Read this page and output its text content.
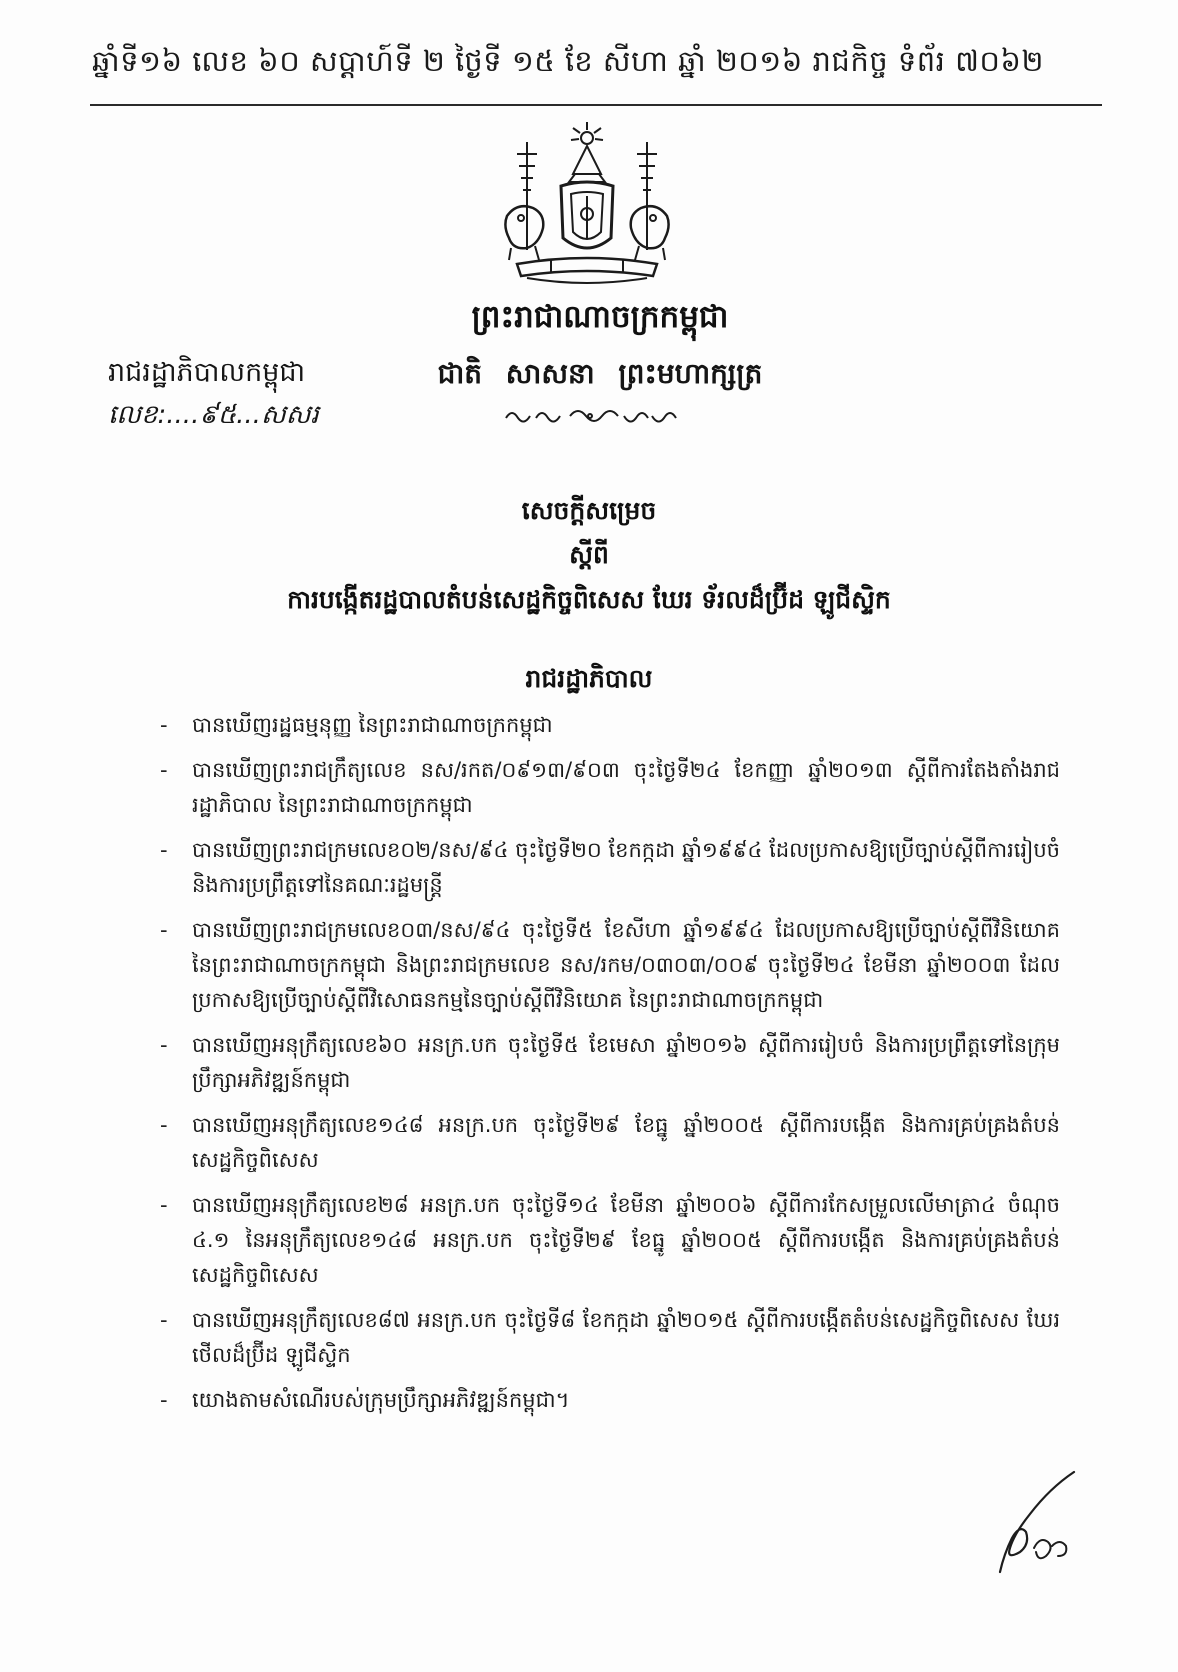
ឆ្នាំទី១៦ លេខ ៦០ សប្តាហ៍ទី ២ ថ្ងៃទី ១៥ ខែ សីហា ឆ្នាំ ២០១៦ រាជកិច្ច ទំព័រ ៧០៦២
ព្រះរាជាណាចក្រកម្ពុជា
ជាតិ សាសនា ព្រះមហាក្សត្រ
រាជរដ្ឋាភិបាលកម្ពុជា
លេខ:....៩៥...សសរ
សេចក្តីសម្រេច
ស្តីពី
ការបង្កើតរដ្ឋបាលតំបន់សេដ្ឋកិច្ចពិសេស ឃែរ ទ័រលដ៏ប្រ៊ីដ ឡូជីស្ទិក
រាជរដ្ឋាភិបាល
-	បានឃើញរដ្ឋធម្មនុញ្ញ នៃព្រះរាជាណាចក្រកម្ពុជា
-	បានឃើញព្រះរាជក្រឹត្យលេខ នស/រកត/០៩១៣/៩០៣ ចុះថ្ងៃទី២៤ ខែកញ្ញា ឆ្នាំ២០១៣ ស្តីពីការតែងតាំងរាជរដ្ឋាភិបាល នៃព្រះរាជាណាចក្រកម្ពុជា
-	បានឃើញព្រះរាជក្រមលេខ០២/នស/៩៤ ចុះថ្ងៃទី២០ ខែកក្កដា ឆ្នាំ១៩៩៤ ដែលប្រកាសឱ្យប្រើច្បាប់ស្តីពីការរៀបចំ និងការប្រព្រឹត្តទៅនៃគណៈរដ្ឋមន្ត្រី
-	បានឃើញព្រះរាជក្រមលេខ០៣/នស/៩៤ ចុះថ្ងៃទី៥ ខែសីហា ឆ្នាំ១៩៩៤ ដែលប្រកាសឱ្យប្រើច្បាប់ស្តីពីវិនិយោគ នៃព្រះរាជាណាចក្រកម្ពុជា និងព្រះរាជក្រមលេខ នស/រកម/០៣០៣/០០៩ ចុះថ្ងៃទី២៤ ខែមីនា ឆ្នាំ២០០៣ ដែលប្រកាសឱ្យប្រើច្បាប់ស្តីពីវិសោធនកម្មនៃច្បាប់ស្តីពីវិនិយោគ នៃព្រះរាជាណាចក្រកម្ពុជា
-	បានឃើញអនុក្រឹត្យលេខ៦០ អនក្រ.បក ចុះថ្ងៃទី៥ ខែមេសា ឆ្នាំ២០១៦ ស្តីពីការរៀបចំ និងការប្រព្រឹត្តទៅនៃក្រុមប្រឹក្សាអភិវឌ្ឍន៍កម្ពុជា
-	បានឃើញអនុក្រឹត្យលេខ១៤៨ អនក្រ.បក ចុះថ្ងៃទី២៩ ខែធ្នូ ឆ្នាំ២០០៥ ស្តីពីការបង្កើត និងការគ្រប់គ្រងតំបន់សេដ្ឋកិច្ចពិសេស
-	បានឃើញអនុក្រឹត្យលេខ២៨ អនក្រ.បក ចុះថ្ងៃទី១៤ ខែមីនា ឆ្នាំ២០០៦ ស្តីពីការកែសម្រួលលើមាត្រា៤ ចំណុច ៤.១ នៃអនុក្រឹត្យលេខ១៤៨ អនក្រ.បក ចុះថ្ងៃទី២៩ ខែធ្នូ ឆ្នាំ២០០៥ ស្តីពីការបង្កើត និងការគ្រប់គ្រងតំបន់សេដ្ឋកិច្ចពិសេស
-	បានឃើញអនុក្រឹត្យលេខ៨៧ អនក្រ.បក ចុះថ្ងៃទី៨ ខែកក្កដា ឆ្នាំ២០១៥ ស្តីពីការបង្កើតតំបន់សេដ្ឋកិច្ចពិសេស ឃែរ ថើលដ៏ប្រ៊ីដ ឡូជីស្ទិក
-	យោងតាមសំណើរបស់ក្រុមប្រឹក្សាអភិវឌ្ឍន៍កម្ពុជា។
